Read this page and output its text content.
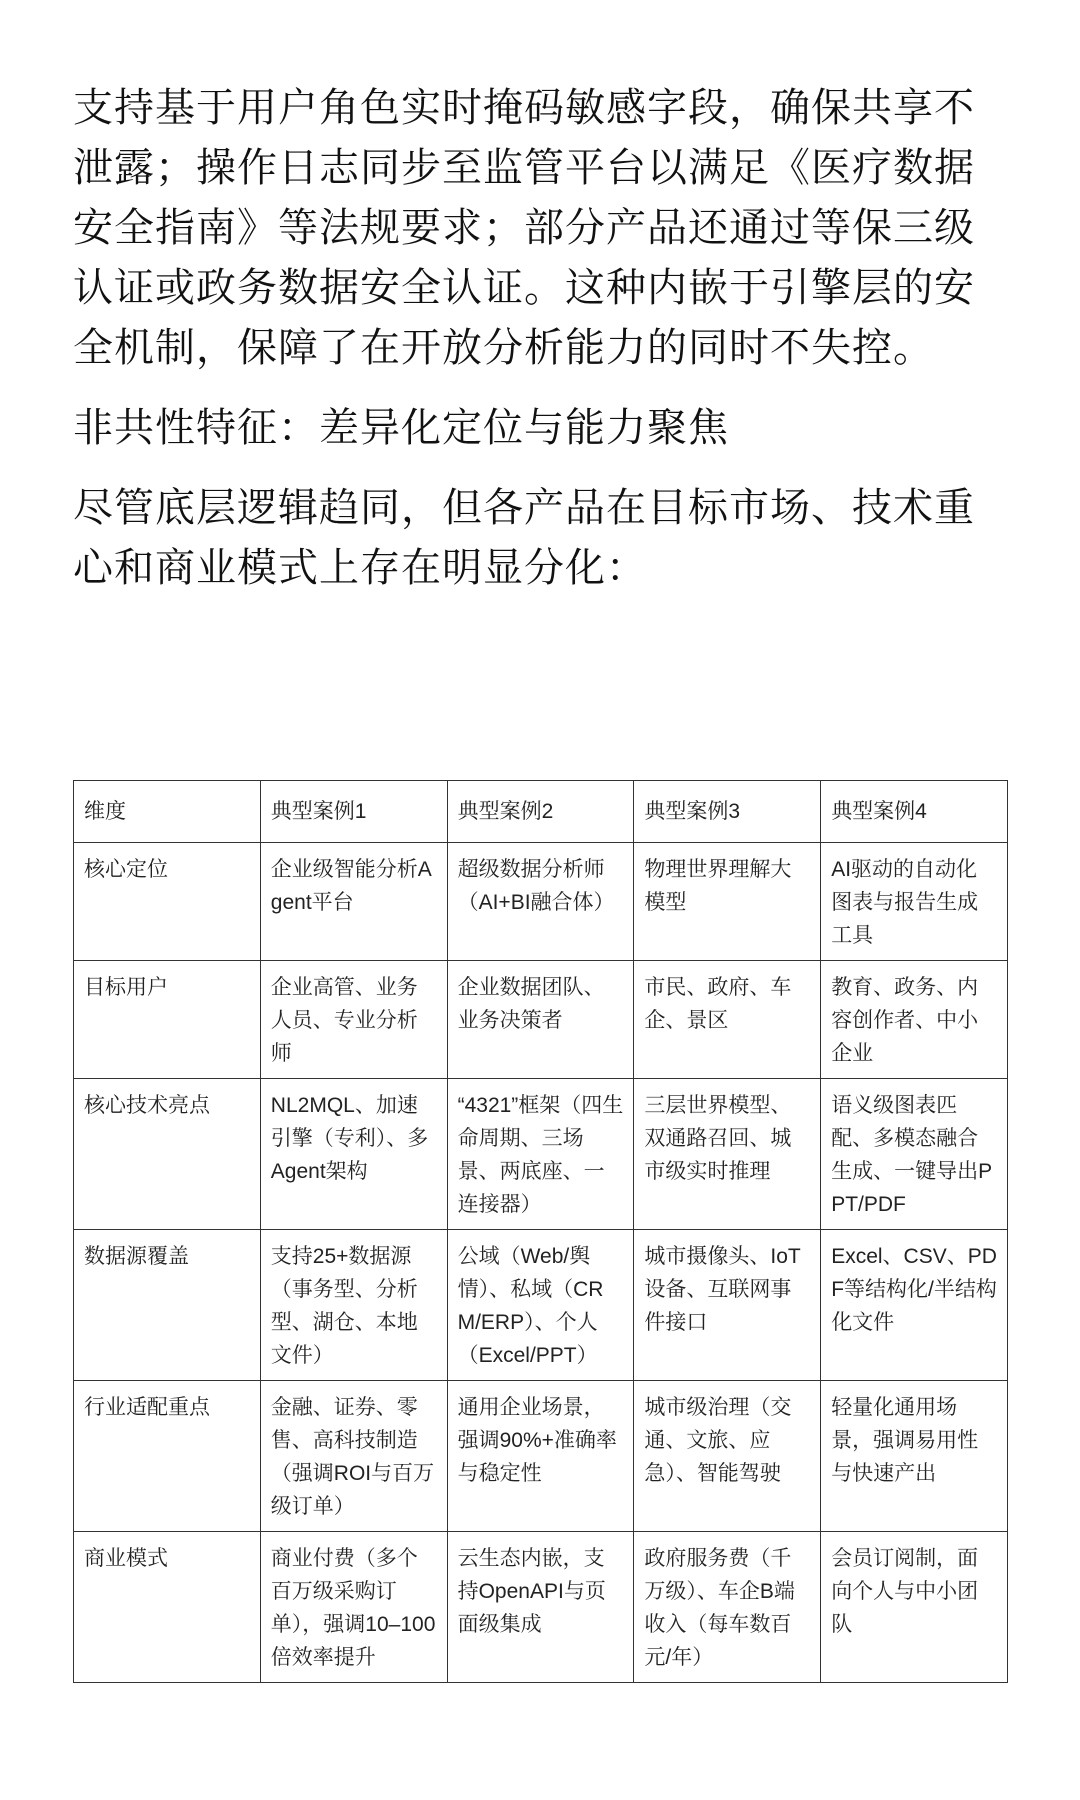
支持基于用户角色实时掩码敏感字段，确保共享不泄露；操作日志同步至监管平台以满足《医疗数据安全指南》等法规要求；部分产品还通过等保三级认证或政务数据安全认证。这种内嵌于引擎层的安全机制，保障了在开放分析能力的同时不失控。

非共性特征：差异化定位与能力聚焦

尽管底层逻辑趋同，但各产品在目标市场、技术重心和商业模式上存在明显分化：

维度	典型案例1	典型案例2	典型案例3	典型案例4
核心定位	企业级智能分析Agent平台	超级数据分析师（AI+BI融合体）	物理世界理解大模型	AI驱动的自动化图表与报告生成工具
目标用户	企业高管、业务人员、专业分析师	企业数据团队、业务决策者	市民、政府、车企、景区	教育、政务、内容创作者、中小企业
核心技术亮点	NL2MQL、加速引擎（专利）、多Agent架构	“4321”框架（四生命周期、三场景、两底座、一连接器）	三层世界模型、双通路召回、城市级实时推理	语义级图表匹配、多模态融合生成、一键导出PPT/PDF
数据源覆盖	支持25+数据源（事务型、分析型、湖仓、本地文件）	公域（Web/舆情）、私域（CRM/ERP）、个人（Excel/PPT）	城市摄像头、IoT设备、互联网事件接口	Excel、CSV、PDF等结构化/半结构化文件
行业适配重点	金融、证券、零售、高科技制造（强调ROI与百万级订单）	通用企业场景，强调90%+准确率与稳定性	城市级治理（交通、文旅、应急）、智能驾驶	轻量化通用场景，强调易用性与快速产出
商业模式	商业付费（多个百万级采购订单），强调10–100倍效率提升	云生态内嵌，支持OpenAPI与页面级集成	政府服务费（千万级）、车企B端收入（每车数百元/年）	会员订阅制，面向个人与中小团队
